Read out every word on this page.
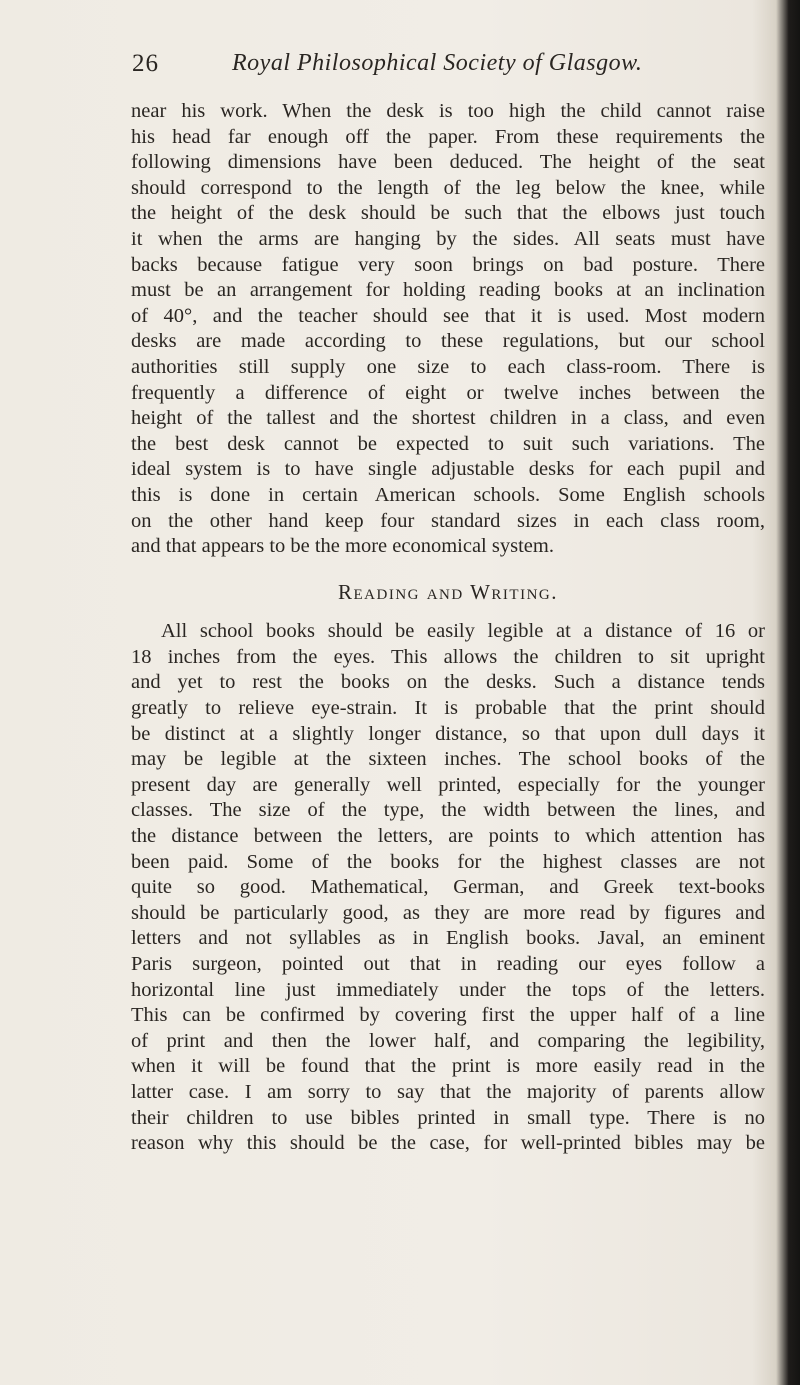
26	Royal Philosophical Society of Glasgow.
near his work. When the desk is too high the child cannot raise
his head far enough off the paper. From these requirements the
following dimensions have been deduced. The height of the seat
should correspond to the length of the leg below the knee, while
the height of the desk should be such that the elbows just touch
it when the arms are hanging by the sides. All seats must have
backs because fatigue very soon brings on bad posture. There
must be an arrangement for holding reading books at an inclination
of 40°, and the teacher should see that it is used. Most modern
desks are made according to these regulations, but our school
authorities still supply one size to each class-room. There is
frequently a difference of eight or twelve inches between the
height of the tallest and the shortest children in a class, and even
the best desk cannot be expected to suit such variations. The
ideal system is to have single adjustable desks for each pupil and
this is done in certain American schools. Some English schools
on the other hand keep four standard sizes in each class room,
and that appears to be the more economical system.
Reading and Writing.
All school books should be easily legible at a distance of 16 or
18 inches from the eyes. This allows the children to sit upright
and yet to rest the books on the desks. Such a distance tends
greatly to relieve eye-strain. It is probable that the print should
be distinct at a slightly longer distance, so that upon dull days it
may be legible at the sixteen inches. The school books of the
present day are generally well printed, especially for the younger
classes. The size of the type, the width between the lines, and
the distance between the letters, are points to which attention has
been paid. Some of the books for the highest classes are not
quite so good. Mathematical, German, and Greek text-books
should be particularly good, as they are more read by figures and
letters and not syllables as in English books. Javal, an eminent
Paris surgeon, pointed out that in reading our eyes follow a
horizontal line just immediately under the tops of the letters.
This can be confirmed by covering first the upper half of a line
of print and then the lower half, and comparing the legibility,
when it will be found that the print is more easily read in the
latter case. I am sorry to say that the majority of parents allow
their children to use bibles printed in small type. There is no
reason why this should be the case, for well-printed bibles may be
